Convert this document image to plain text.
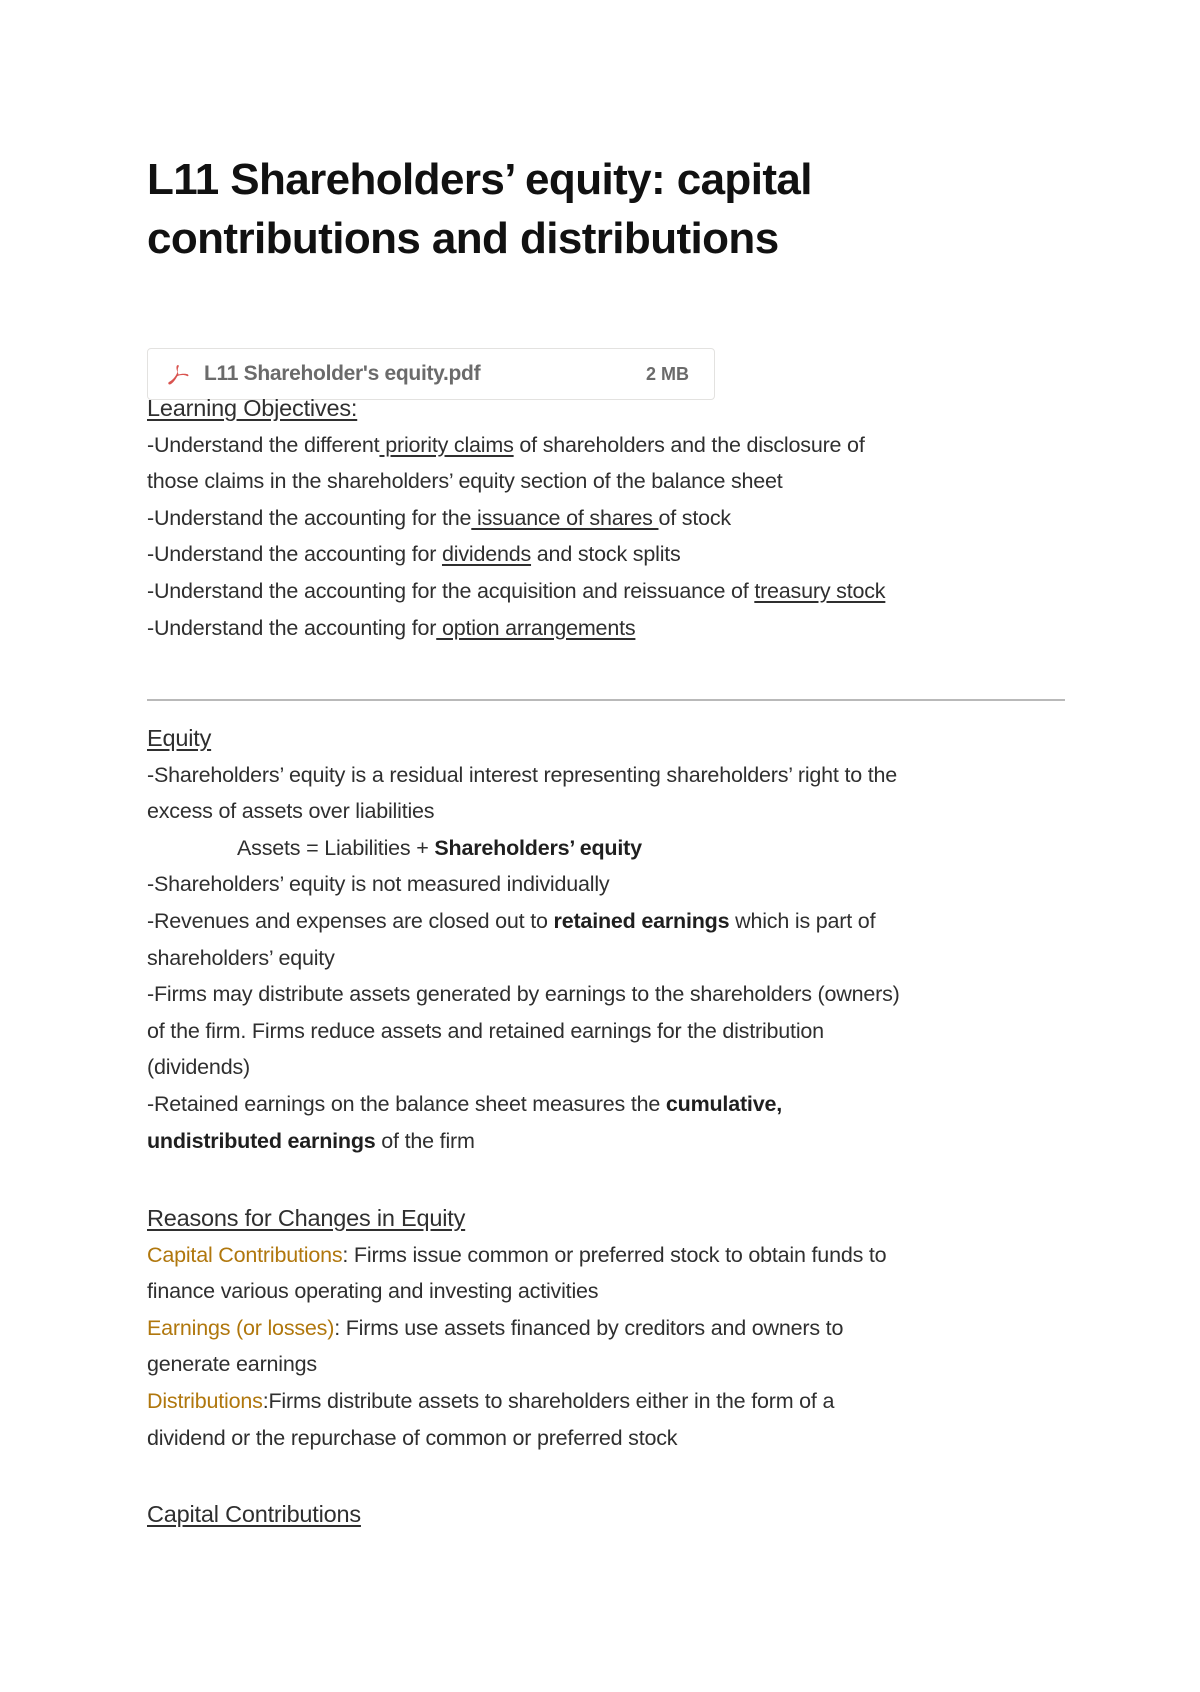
L11 Shareholders’ equity: capital
contributions and distributions
L11 Shareholder's equity.pdf	2 MB
Learning Objectives:
-Understand the different priority claims of shareholders and the disclosure of
those claims in the shareholders’ equity section of the balance sheet
-Understand the accounting for the issuance of shares of stock
-Understand the accounting for dividends and stock splits
-Understand the accounting for the acquisition and reissuance of treasury stock
-Understand the accounting for option arrangements
Equity
-Shareholders’ equity is a residual interest representing shareholders’ right to the
excess of assets over liabilities
Assets = Liabilities + Shareholders’ equity
-Shareholders’ equity is not measured individually
-Revenues and expenses are closed out to retained earnings which is part of
shareholders’ equity
-Firms may distribute assets generated by earnings to the shareholders (owners)
of the firm. Firms reduce assets and retained earnings for the distribution
(dividends)
-Retained earnings on the balance sheet measures the cumulative,
undistributed earnings of the firm
Reasons for Changes in Equity
Capital Contributions: Firms issue common or preferred stock to obtain funds to
finance various operating and investing activities
Earnings (or losses): Firms use assets financed by creditors and owners to
generate earnings
Distributions:Firms distribute assets to shareholders either in the form of a
dividend or the repurchase of common or preferred stock
Capital Contributions
